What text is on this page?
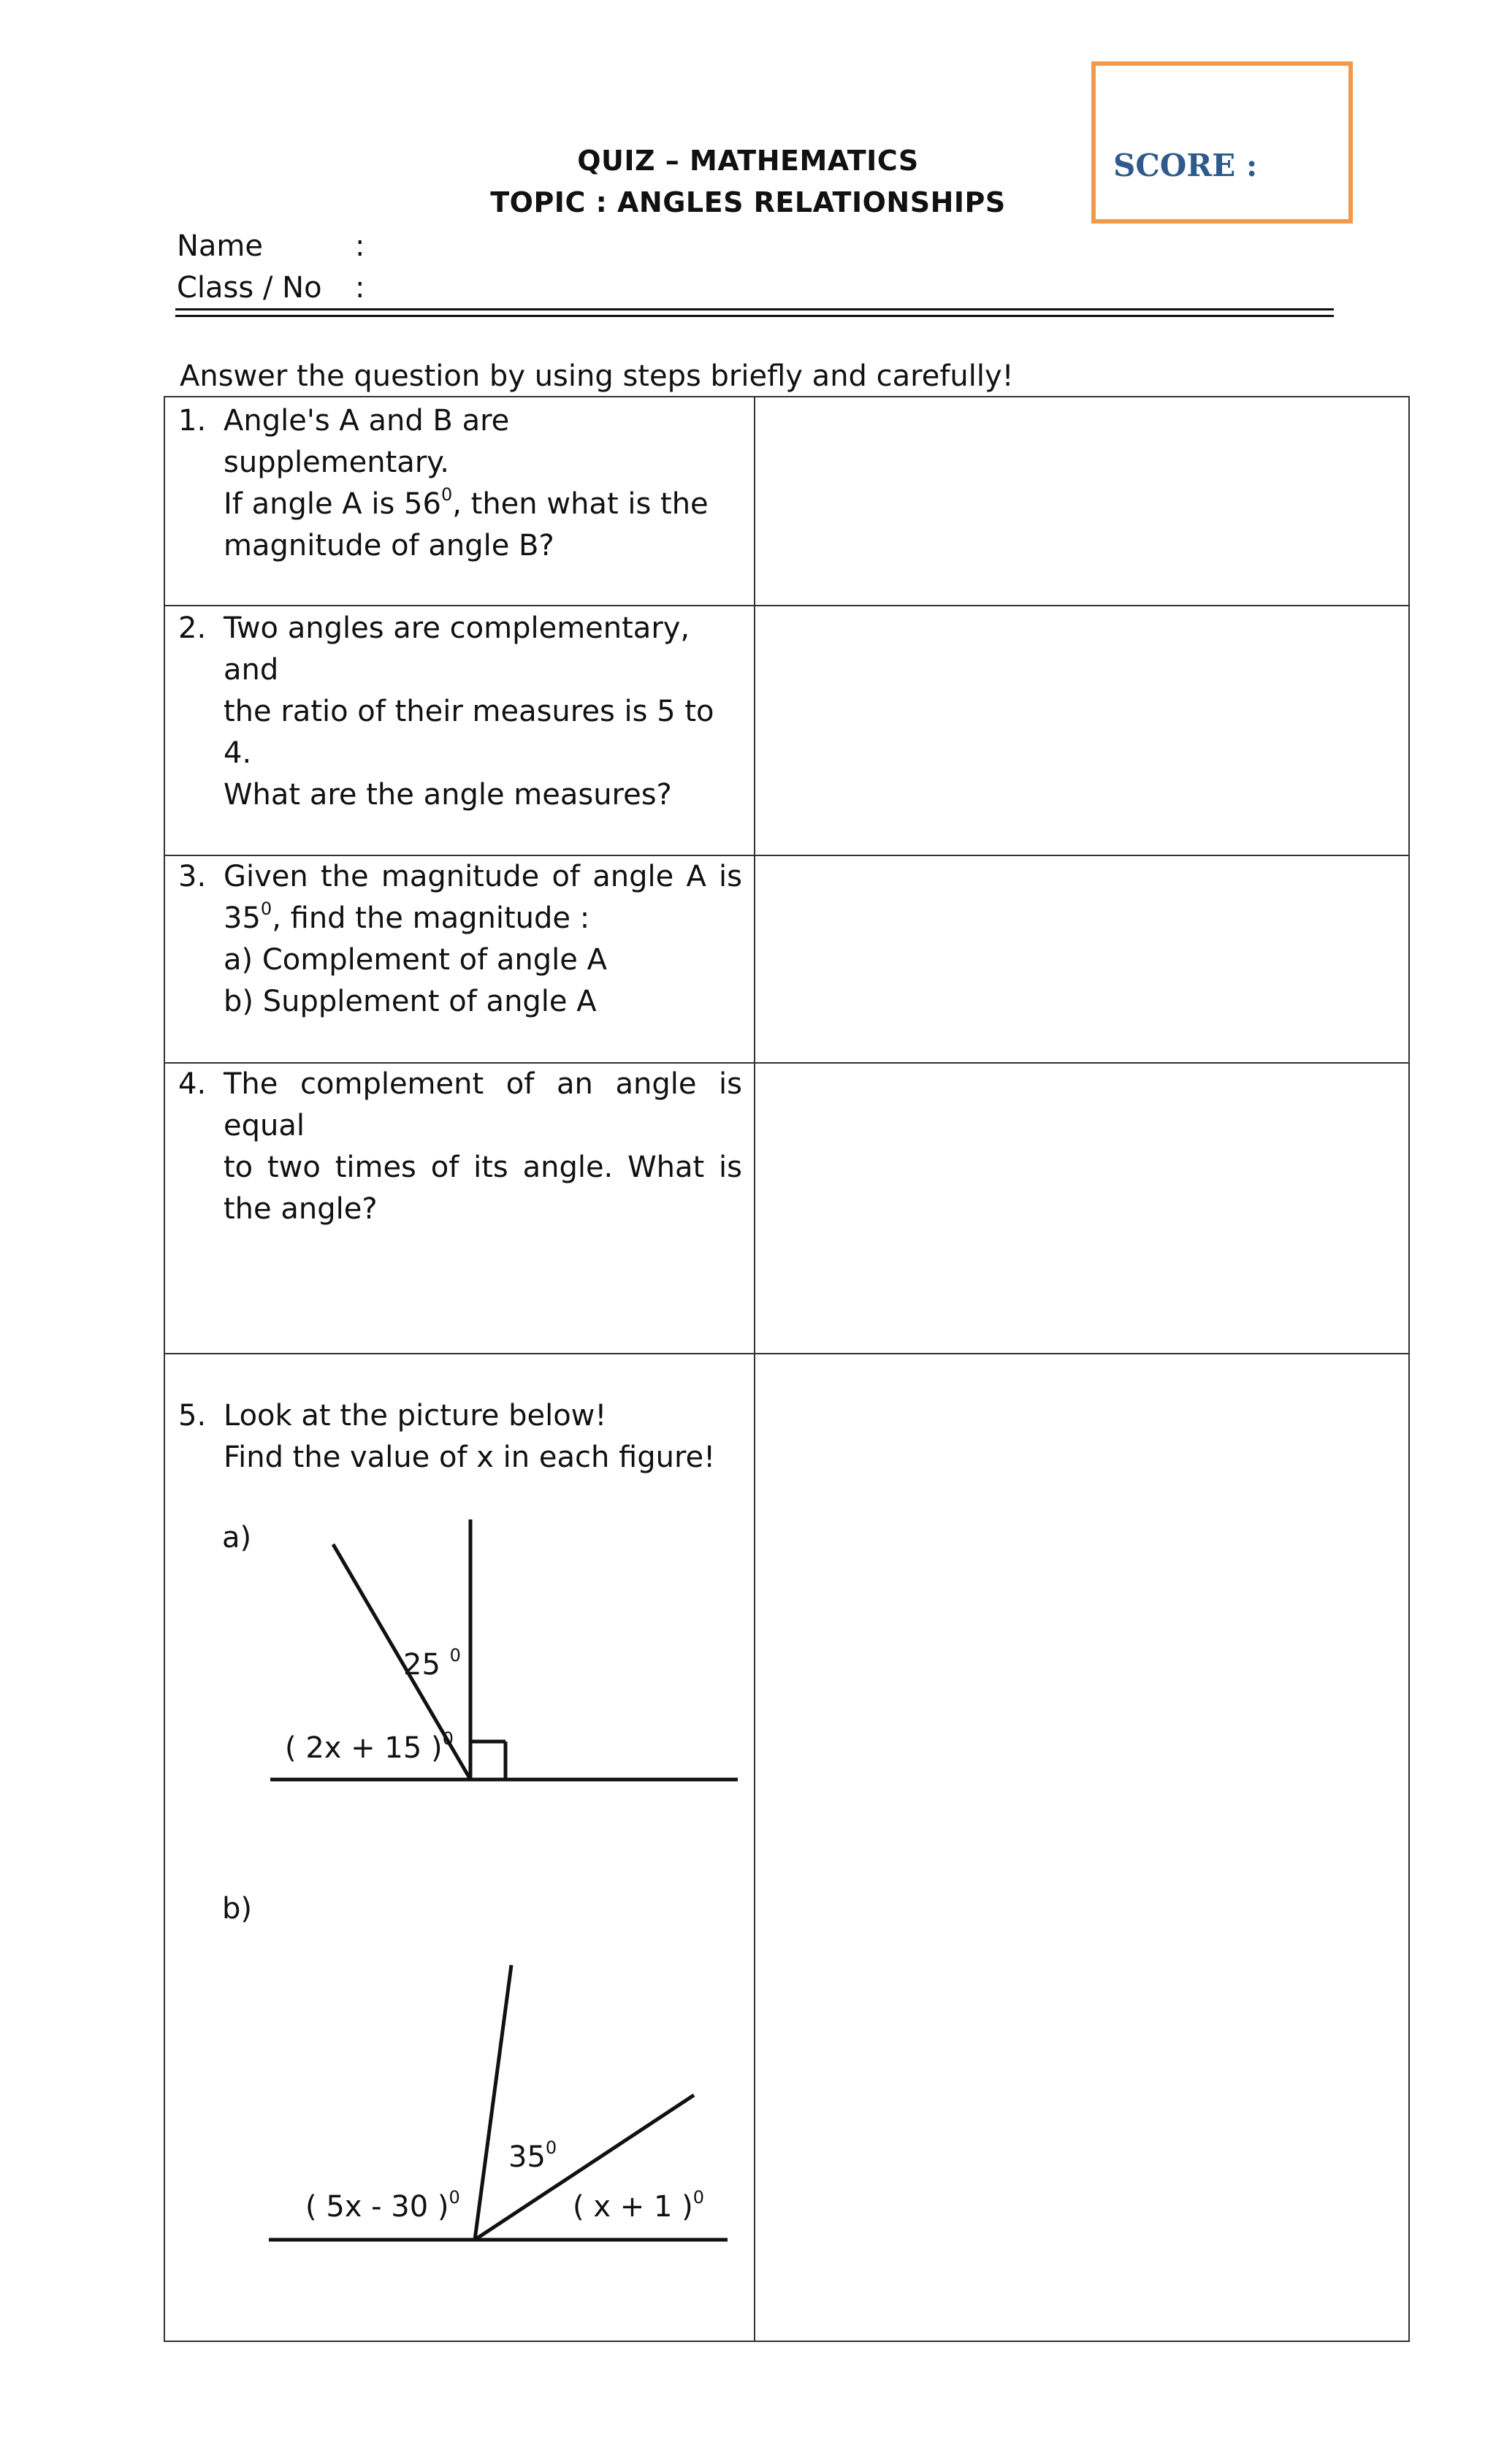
SCORE :
QUIZ – MATHEMATICS
TOPIC : ANGLES RELATIONSHIPS
Name	:
Class / No :
Answer the question by using steps briefly and carefully!
1. Angle's A and B are supplementary.

If angle A is $56^0$, then what is the

magnitude of angle B?

2. Two angles are complementary, and

the ratio of their measures is 5 to 4.

What are the angle measures?

3. Given the magnitude of angle A is

$35^0$, find the magnitude :

a) Complement of angle A

b) Supplement of angle A

4. The complement of an angle is equal

to two times of its angle. What is

the angle?

5. Look at the picture below!

Find the value of x in each figure!

a)
25 $^0$
( 2x + 15 )$^0$
b)
$35^0$
( 5x - 30 )$^0$	( x + 1 )$^0$
